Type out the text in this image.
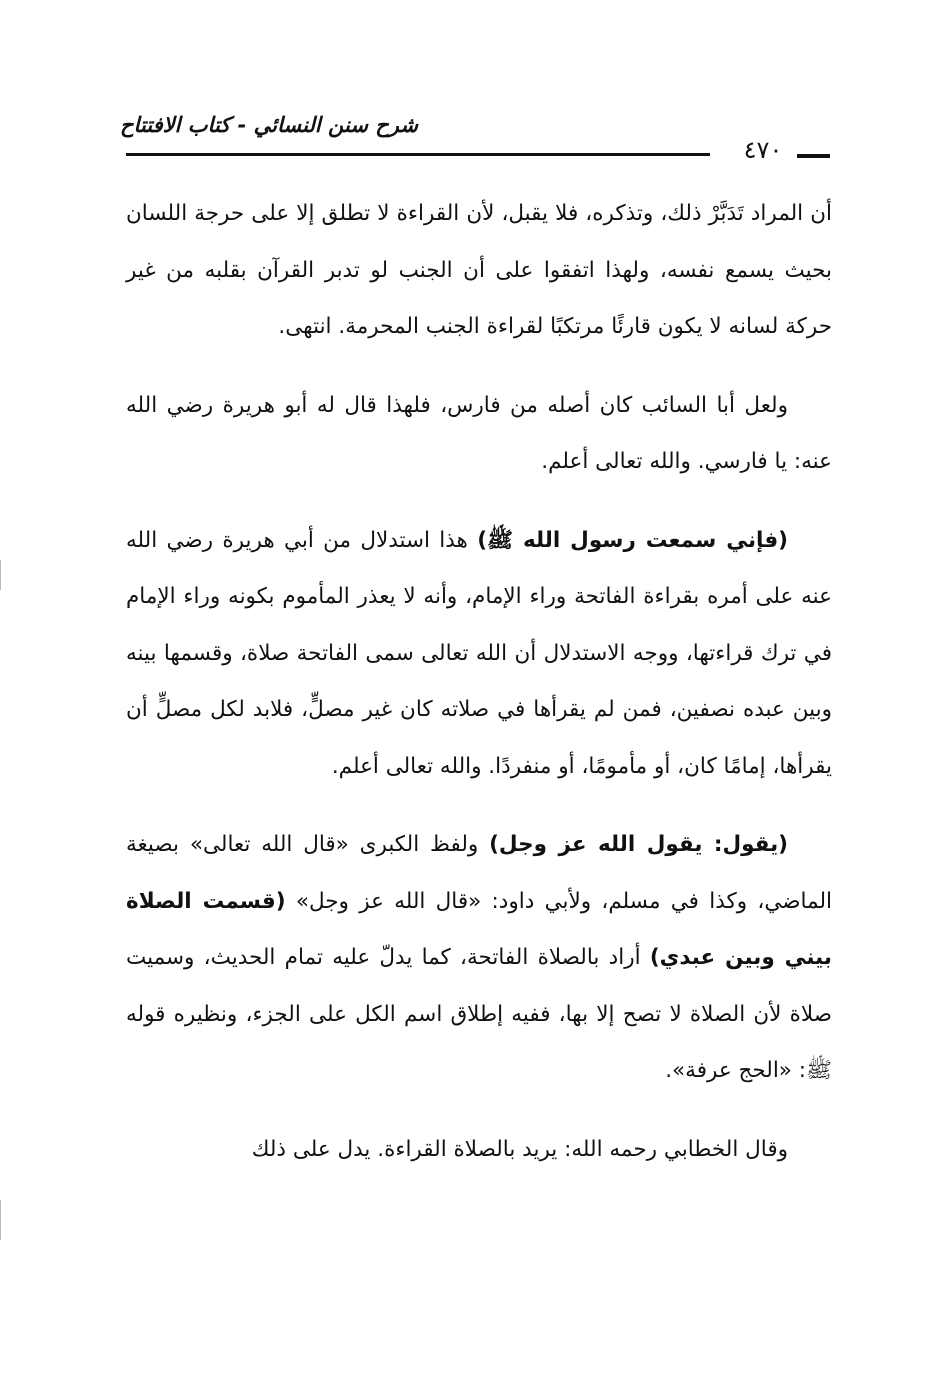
شرح سنن النسائي - كتاب الافتتاح
٤٧٠

أن المراد تَدَبَّرْ ذلك، وتذكره، فلا يقبل، لأن القراءة لا تطلق إلا على حرجة اللسان بحيث يسمع نفسه، ولهذا اتفقوا على أن الجنب لو تدبر القرآن بقلبه من غير حركة لسانه لا يكون قارئًا مرتكبًا لقراءة الجنب المحرمة. انتهى.

ولعل أبا السائب كان أصله من فارس، فلهذا قال له أبو هريرة رضي الله عنه: يا فارسي. والله تعالى أعلم.

(فإني سمعت رسول الله ﷺ) هذا استدلال من أبي هريرة رضي الله عنه على أمره بقراءة الفاتحة وراء الإمام، وأنه لا يعذر المأموم بكونه وراء الإمام في ترك قراءتها، ووجه الاستدلال أن الله تعالى سمى الفاتحة صلاة، وقسمها بينه وبين عبده نصفين، فمن لم يقرأها في صلاته كان غير مصلٍّ، فلابد لكل مصلٍّ أن يقرأها، إمامًا كان، أو مأمومًا، أو منفردًا. والله تعالى أعلم.

(يقول: يقول الله عز وجل) ولفظ الكبرى «قال الله تعالى» بصيغة الماضي، وكذا في مسلم، ولأبي داود: «قال الله عز وجل» (قسمت الصلاة بيني وبين عبدي) أراد بالصلاة الفاتحة، كما يدلّ عليه تمام الحديث، وسميت صلاة لأن الصلاة لا تصح إلا بها، ففيه إطلاق اسم الكل على الجزء، ونظيره قوله ﷺ: «الحج عرفة».

وقال الخطابي رحمه الله: يريد بالصلاة القراءة. يدل على ذلك
